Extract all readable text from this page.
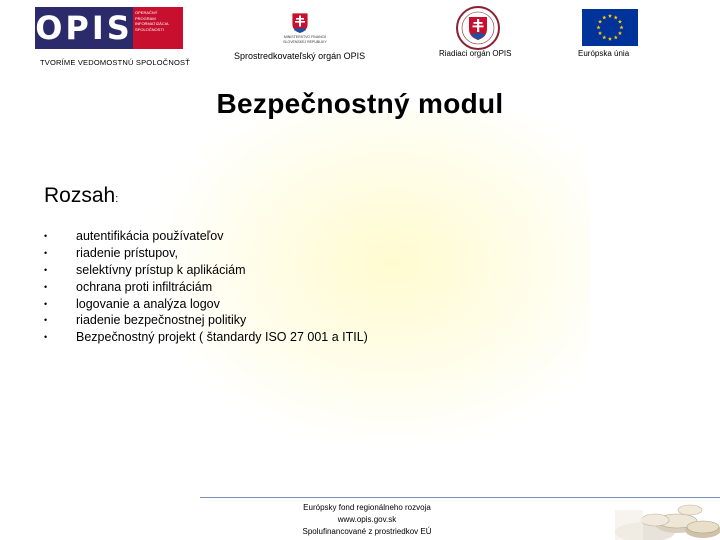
OPIS OPERAČNÝ
PROGRAM
INFORMATIZÁCIA
SPOLOČNOSTI
TVORÍME VEDOMOSTNÚ SPOLOČNOSŤ
MINISTERSTVO FINANCIÍ
SLOVENSKEJ REPUBLIKY
Sprostredkovateľský orgán OPIS	Riadiaci orgán OPIS	Európska únia
Bezpečnostný modul
Rozsah:
• autentifikácia používateľov
• riadenie prístupov,
• selektívny prístup k aplikáciám
• ochrana proti infiltráciám
• logovanie a analýza logov
• riadenie bezpečnostnej politiky
• Bezpečnostný projekt ( štandardy ISO 27 001 a ITIL)
Európsky fond regionálneho rozvoja
www.opis.gov.sk
Spolufinancované z prostriedkov EÚ
